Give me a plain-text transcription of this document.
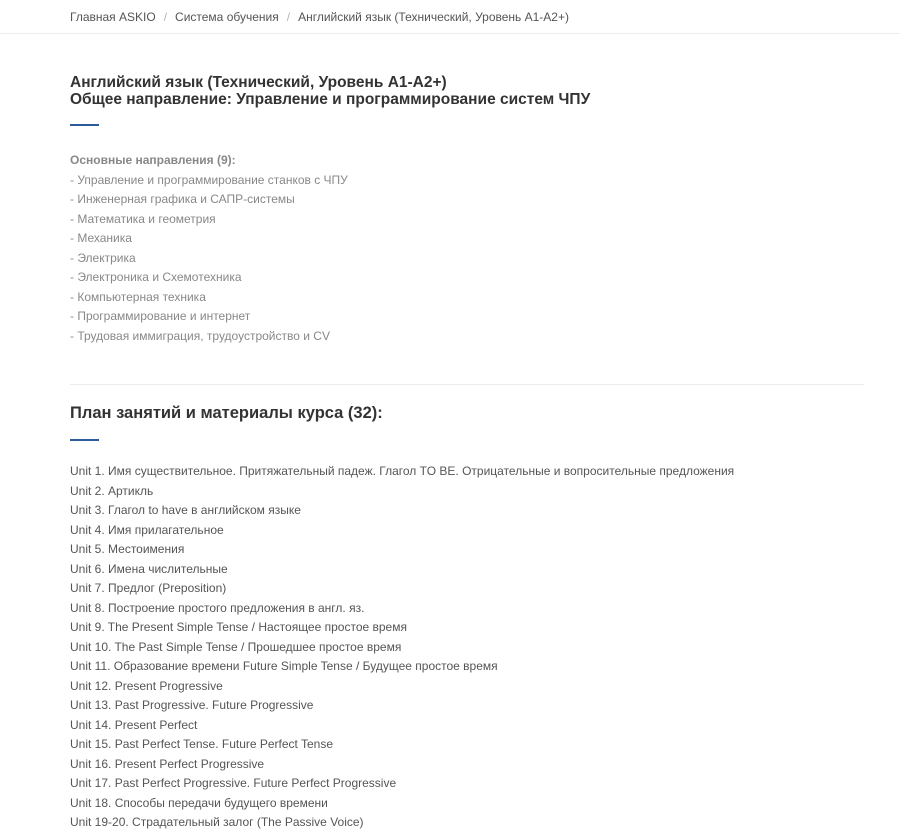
Главная ASKIO / Система обучения / Английский язык (Технический, Уровень A1-A2+)
Английский язык (Технический, Уровень A1-A2+)
Общее направление: Управление и программирование систем ЧПУ
Основные направления (9):
- Управление и программирование станков с ЧПУ
- Инженерная графика и САПР-системы
- Математика и геометрия
- Механика
- Электрика
- Электроника и Схемотехника
- Компьютерная техника
- Программирование и интернет
- Трудовая иммиграция, трудоустройство и CV
План занятий и материалы курса (32):
Unit 1. Имя существительное. Притяжательный падеж. Глагол TO BE. Отрицательные и вопросительные предложения
Unit 2. Артикль
Unit 3. Глагол to have в английском языке
Unit 4. Имя прилагательное
Unit 5. Местоимения
Unit 6. Имена числительные
Unit 7. Предлог (Preposition)
Unit 8. Построение простого предложения в англ. яз.
Unit 9. The Present Simple Tense / Настоящее простое время
Unit 10. The Past Simple Tense / Прошедшее простое время
Unit 11. Образование времени Future Simple Tense / Будущее простое время
Unit 12. Present Progressive
Unit 13. Past Progressive. Future Progressive
Unit 14. Present Perfect
Unit 15. Past Perfect Tense. Future Perfect Tense
Unit 16. Present Perfect Progressive
Unit 17. Past Perfect Progressive. Future Perfect Progressive
Unit 18. Способы передачи будущего времени
Unit 19-20. Страдательный залог (The Passive Voice)
